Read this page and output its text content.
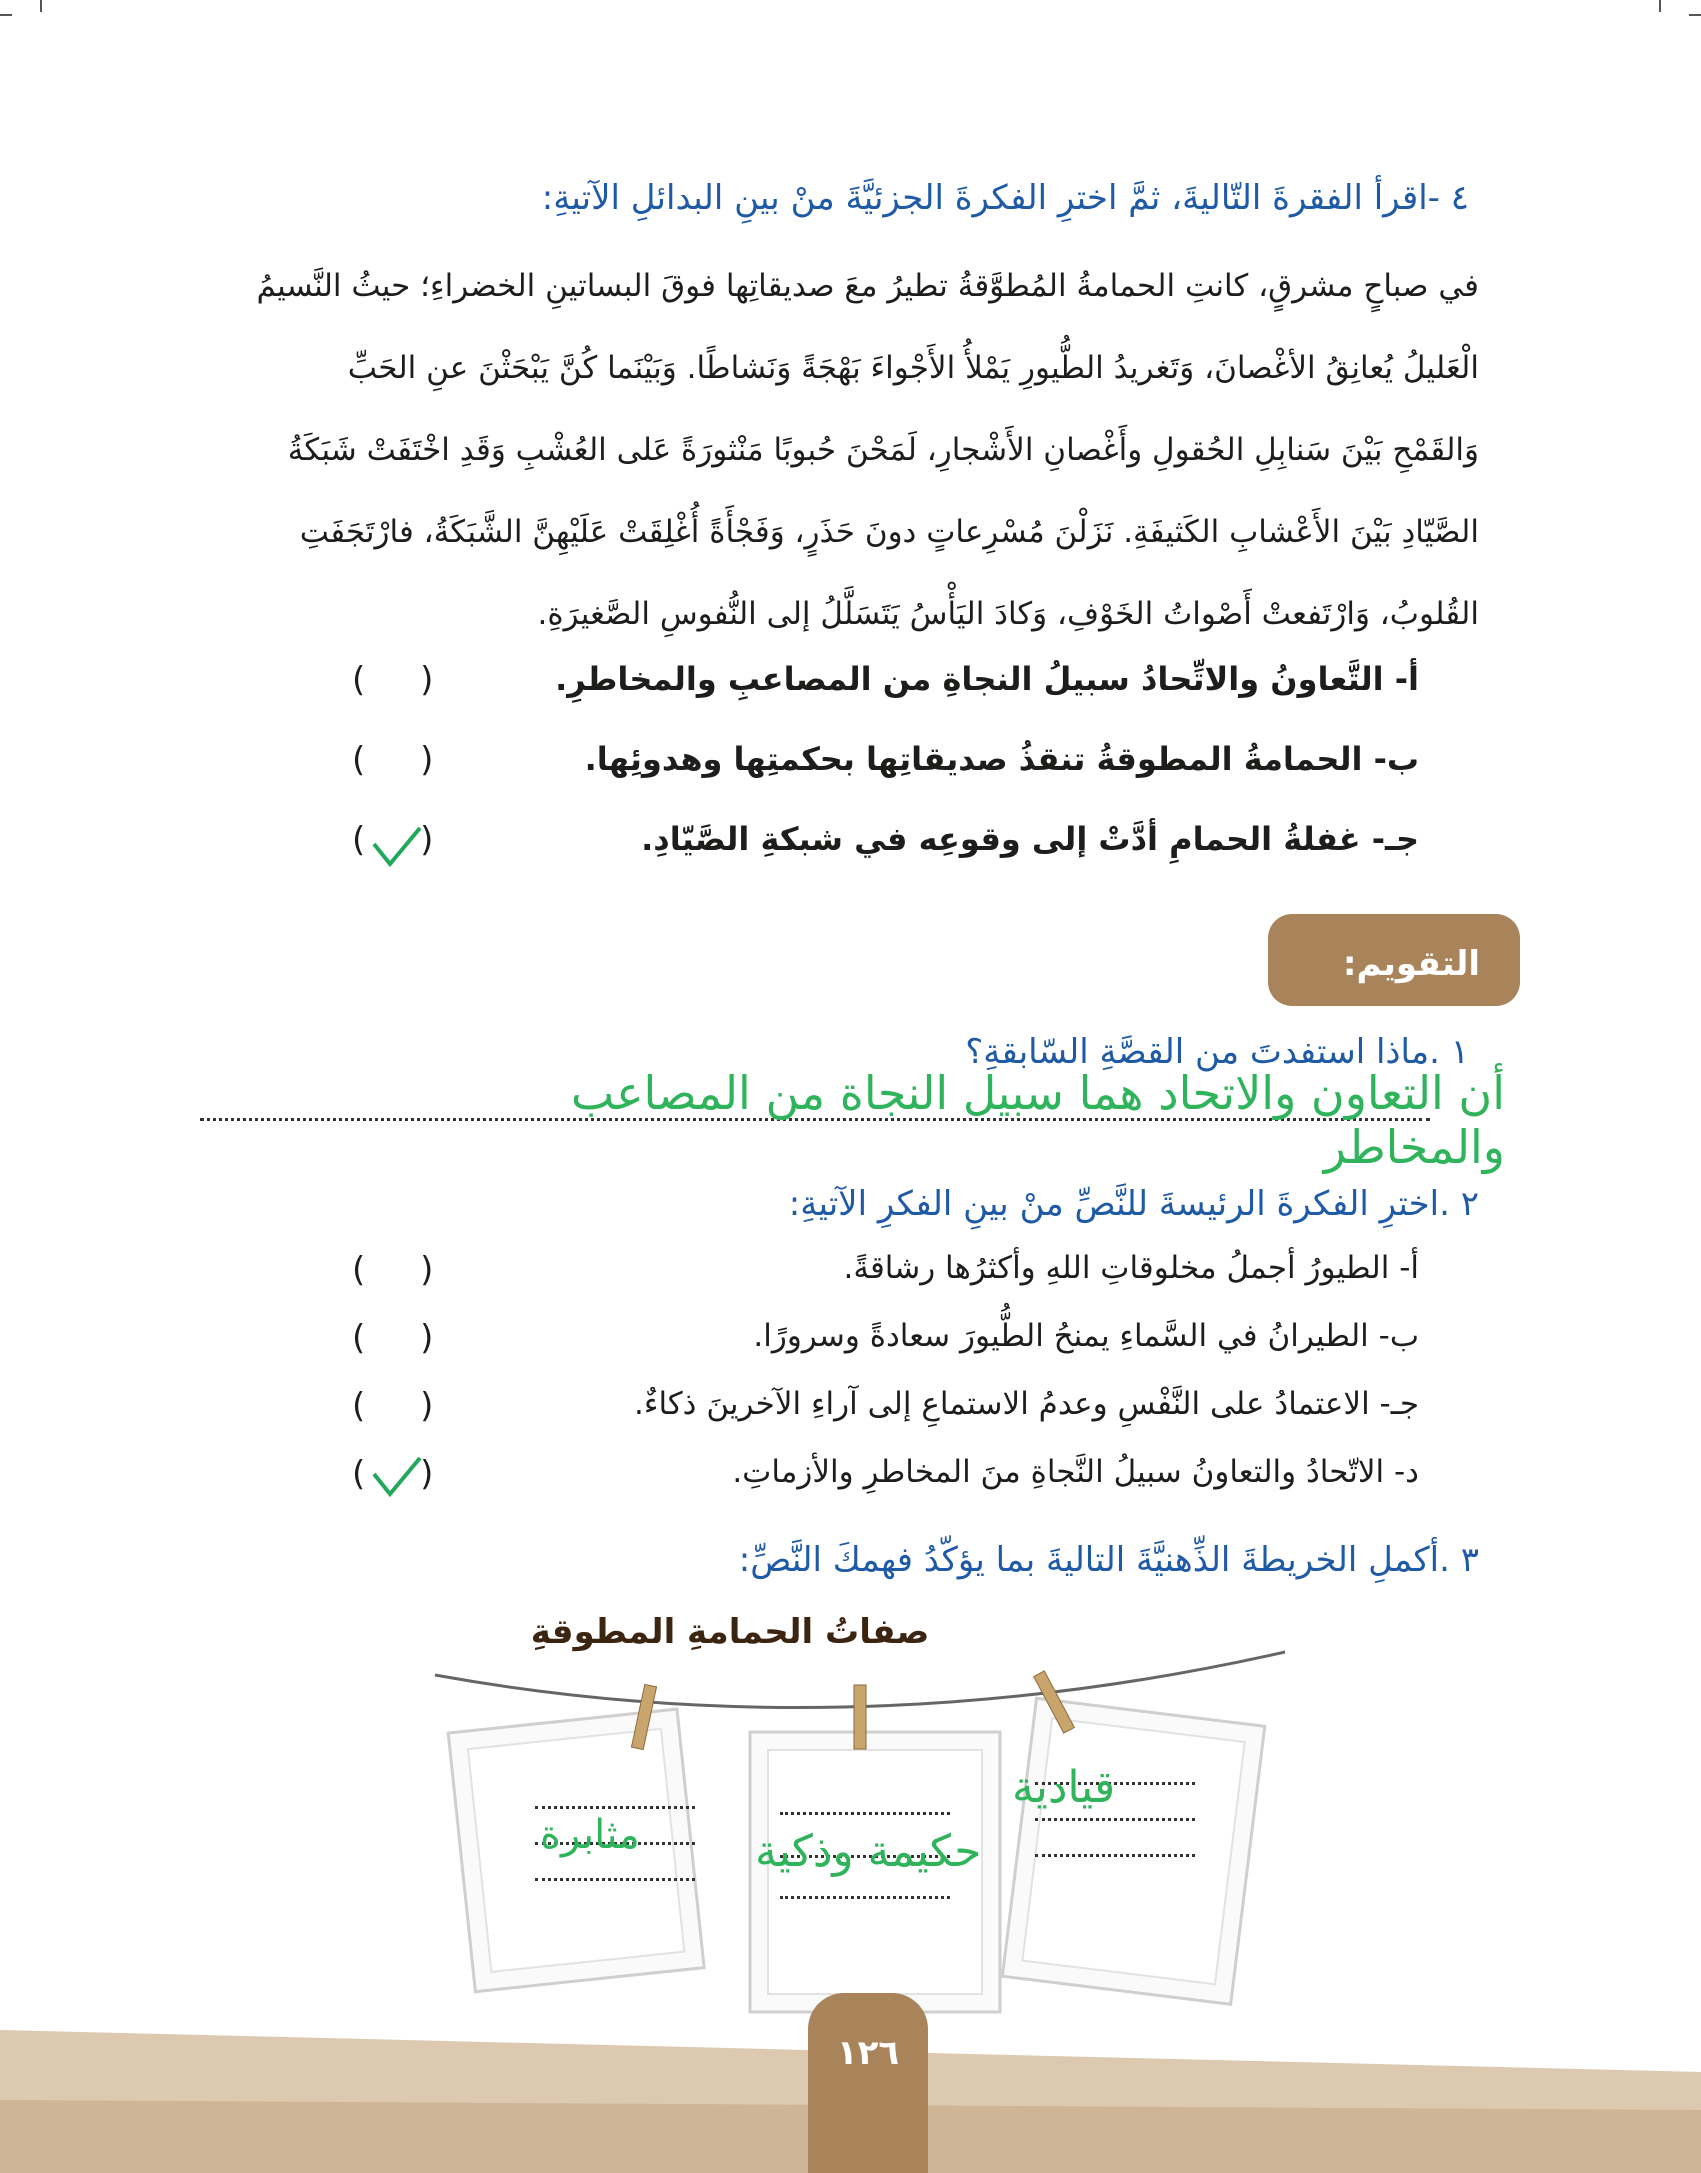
٤ -اقرأ الفقرةَ التّاليةَ، ثمَّ اخترِ الفكرةَ الجزئيَّةَ منْ بينِ البدائلِ الآتيةِ:
في صباحٍ مشرقٍ، كانتِ الحمامةُ المُطوَّقةُ تطيرُ معَ صديقاتِها فوقَ البساتينِ الخضراءِ؛ حيثُ النَّسيمُ
الْعَليلُ يُعانِقُ الأغْصانَ، وَتَغريدُ الطُّيورِ يَمْلأُ الأَجْواءَ بَهْجَةً وَنَشاطًا. وَبَيْنَما كُنَّ يَبْحَثْنَ عنِ الحَبِّ
وَالقَمْحِ بَيْنَ سَنابِلِ الحُقولِ وأَغْصانِ الأَشْجارِ، لَمَحْنَ حُبوبًا مَنْثورَةً عَلى العُشْبِ وَقَدِ اخْتَفَتْ شَبَكَةُ
الصَّيّادِ بَيْنَ الأَعْشابِ الكَثيفَةِ. نَزَلْنَ مُسْرِعاتٍ دونَ حَذَرٍ، وَفَجْأَةً أُغْلِقَتْ عَلَيْهِنَّ الشَّبَكَةُ، فارْتَجَفَتِ
القُلوبُ، وَارْتَفعتْ أَصْواتُ الخَوْفِ، وَكادَ اليَأْسُ يَتَسَلَّلُ إلى النُّفوسِ الصَّغيرَةِ.
أ- التَّعاونُ والاتِّحادُ سبيلُ النجاةِ من المصاعبِ والمخاطرِ.
( )
ب- الحمامةُ المطوقةُ تنقذُ صديقاتِها بحكمتِها وهدوئِها.
( )
جـ- غفلةُ الحمامِ أدَّتْ إلى وقوعِه في شبكةِ الصَّيّادِ.
( )
التقويم:
١ .ماذا استفدتَ من القصَّةِ السّابقةِ؟
أن التعاون والاتحاد هما سبيل النجاة من المصاعب والمخاطر
٢ .اخترِ الفكرةَ الرئيسةَ للنَّصِّ منْ بينِ الفكرِ الآتيةِ:
أ- الطيورُ أجملُ مخلوقاتِ اللهِ وأكثرُها رشاقةً.
( )
ب- الطيرانُ في السَّماءِ يمنحُ الطُّيورَ سعادةً وسرورًا.
( )
جـ- الاعتمادُ على النَّفْسِ وعدمُ الاستماعِ إلى آراءِ الآخرينَ ذكاءٌ.
( )
د- الاتّحادُ والتعاونُ سبيلُ النَّجاةِ منَ المخاطرِ والأزماتِ.
( )
٣ .أكملِ الخريطةَ الذِّهنيَّةَ التاليةَ بما يؤكّدُ فهمكَ النَّصِّ:
صفاتُ الحمامةِ المطوقةِ
مثابرة	حكيمة وذكية
قيادية
١٢٦
